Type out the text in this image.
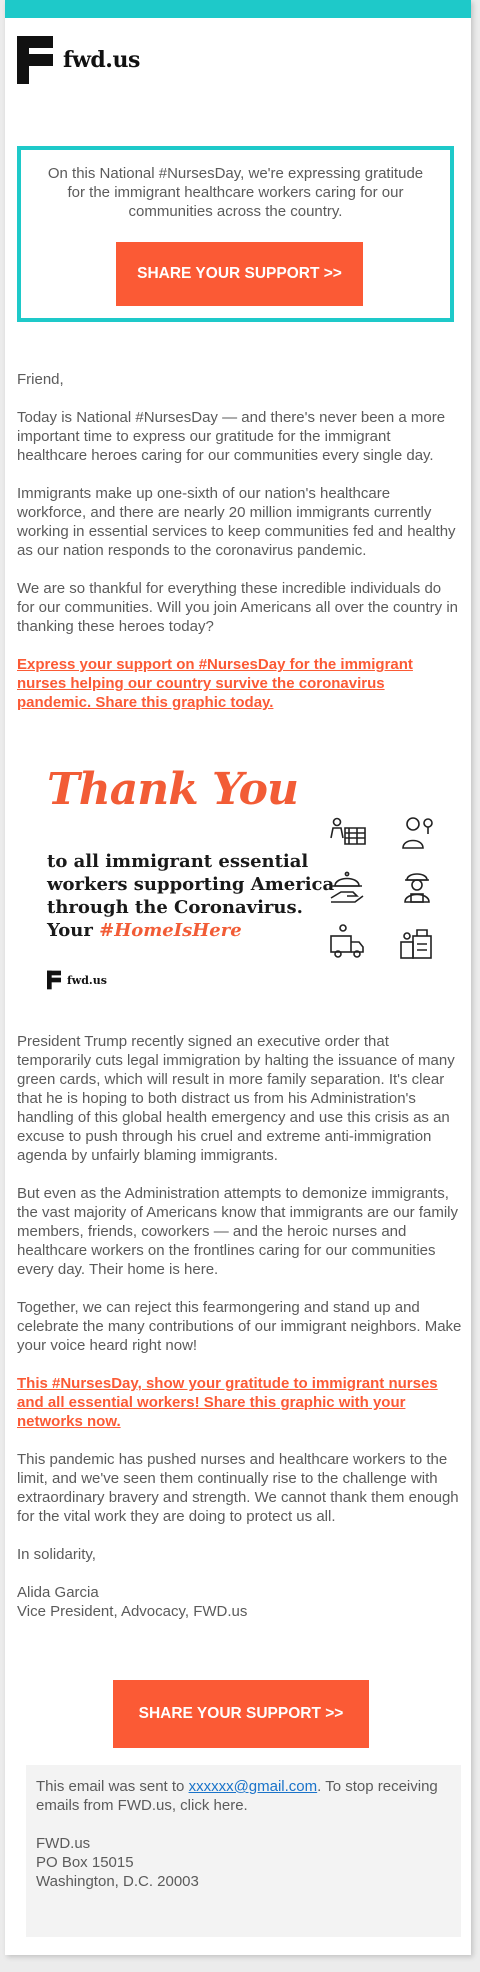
fwd.us

On this National #NursesDay, we're expressing gratitude for the immigrant healthcare workers caring for our communities across the country.

SHARE YOUR SUPPORT >>

Friend,

Today is National #NursesDay — and there's never been a more important time to express our gratitude for the immigrant healthcare heroes caring for our communities every single day.

Immigrants make up one-sixth of our nation's healthcare workforce, and there are nearly 20 million immigrants currently working in essential services to keep communities fed and healthy as our nation responds to the coronavirus pandemic.

We are so thankful for everything these incredible individuals do for our communities. Will you join Americans all over the country in thanking these heroes today?

Express your support on #NursesDay for the immigrant nurses helping our country survive the coronavirus pandemic. Share this graphic today.

Thank You
to all immigrant essential
workers supporting America
through the Coronavirus.
Your #HomeIsHere
fwd.us

President Trump recently signed an executive order that temporarily cuts legal immigration by halting the issuance of many green cards, which will result in more family separation. It's clear that he is hoping to both distract us from his Administration's handling of this global health emergency and use this crisis as an excuse to push through his cruel and extreme anti-immigration agenda by unfairly blaming immigrants.

But even as the Administration attempts to demonize immigrants, the vast majority of Americans know that immigrants are our family members, friends, coworkers — and the heroic nurses and healthcare workers on the frontlines caring for our communities every day. Their home is here.

Together, we can reject this fearmongering and stand up and celebrate the many contributions of our immigrant neighbors. Make your voice heard right now!

This #NursesDay, show your gratitude to immigrant nurses and all essential workers! Share this graphic with your networks now.

This pandemic has pushed nurses and healthcare workers to the limit, and we've seen them continually rise to the challenge with extraordinary bravery and strength. We cannot thank them enough for the vital work they are doing to protect us all.

In solidarity,

Alida Garcia

Vice President, Advocacy, FWD.us

SHARE YOUR SUPPORT >>

This email was sent to xxxxxx@gmail.com. To stop receiving emails from FWD.us, click here.

FWD.us

PO Box 15015

Washington, D.C. 20003
